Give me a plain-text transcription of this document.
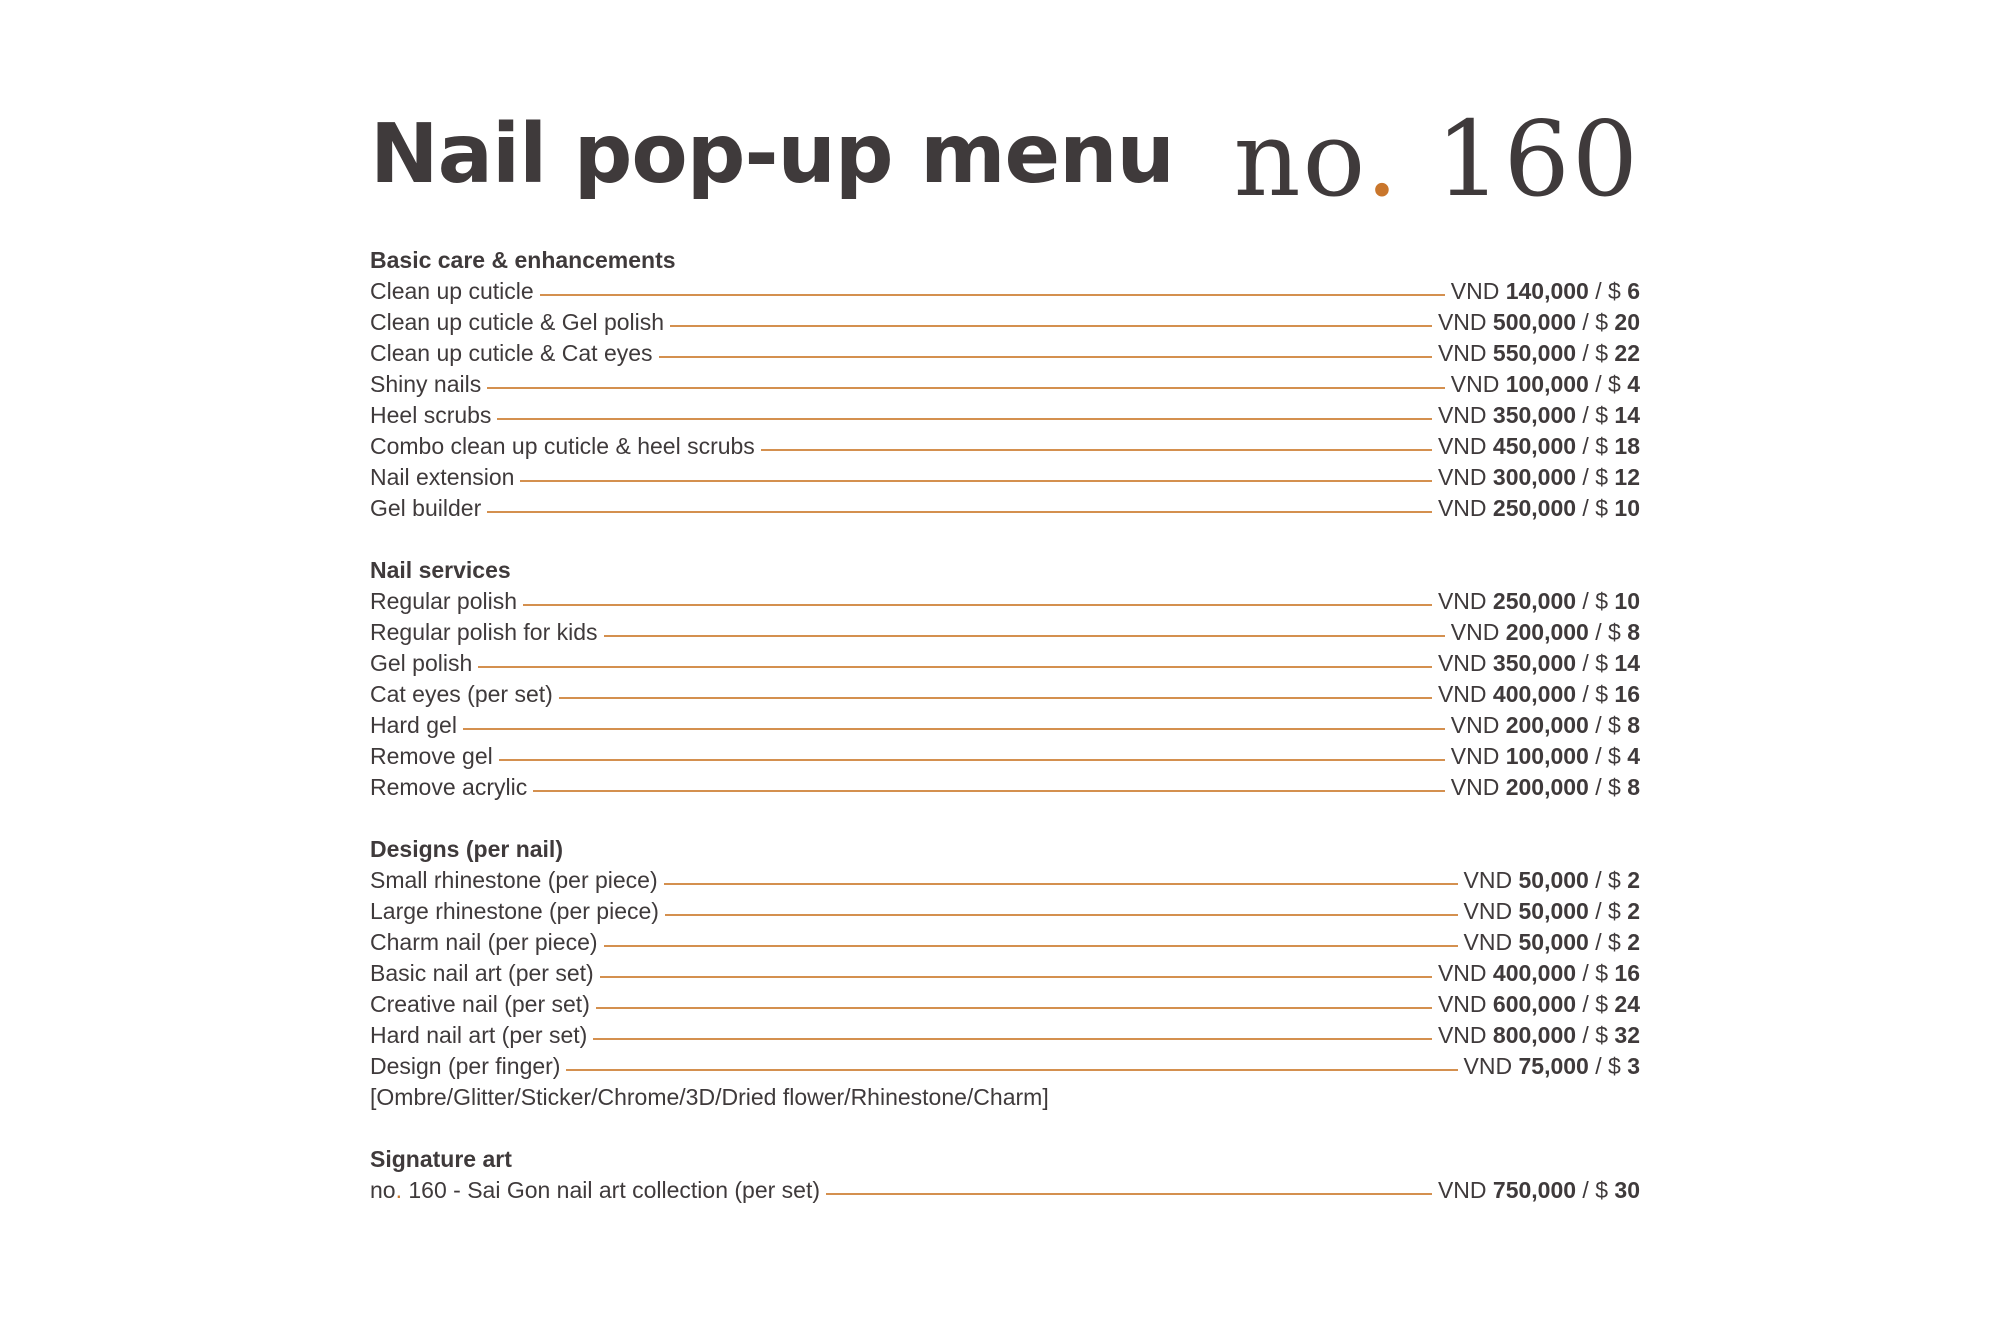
Nail pop-up menu no. 160
Basic care & enhancements
Clean up cuticle	VND 140,000 / $ 6
Clean up cuticle & Gel polish	VND 500,000 / $ 20
Clean up cuticle & Cat eyes	VND 550,000 / $ 22
Shiny nails	VND 100,000 / $ 4
Heel scrubs	VND 350,000 / $ 14
Combo clean up cuticle & heel scrubs	VND 450,000 / $ 18
Nail extension	VND 300,000 / $ 12
Gel builder	VND 250,000 / $ 10
Nail services
Regular polish	VND 250,000 / $ 10
Regular polish for kids	VND 200,000 / $ 8
Gel polish	VND 350,000 / $ 14
Cat eyes (per set)	VND 400,000 / $ 16
Hard gel	VND 200,000 / $ 8
Remove gel	VND 100,000 / $ 4
Remove acrylic	VND 200,000 / $ 8
Designs (per nail)
Small rhinestone (per piece)	VND 50,000 / $ 2
Large rhinestone (per piece)	VND 50,000 / $ 2
Charm nail (per piece)	VND 50,000 / $ 2
Basic nail art (per set)	VND 400,000 / $ 16
Creative nail (per set)	VND 600,000 / $ 24
Hard nail art (per set)	VND 800,000 / $ 32
Design (per finger)	VND 75,000 / $ 3
[Ombre/Glitter/Sticker/Chrome/3D/Dried flower/Rhinestone/Charm]
Signature art
no. 160 - Sai Gon nail art collection (per set)	VND 750,000 / $ 30
